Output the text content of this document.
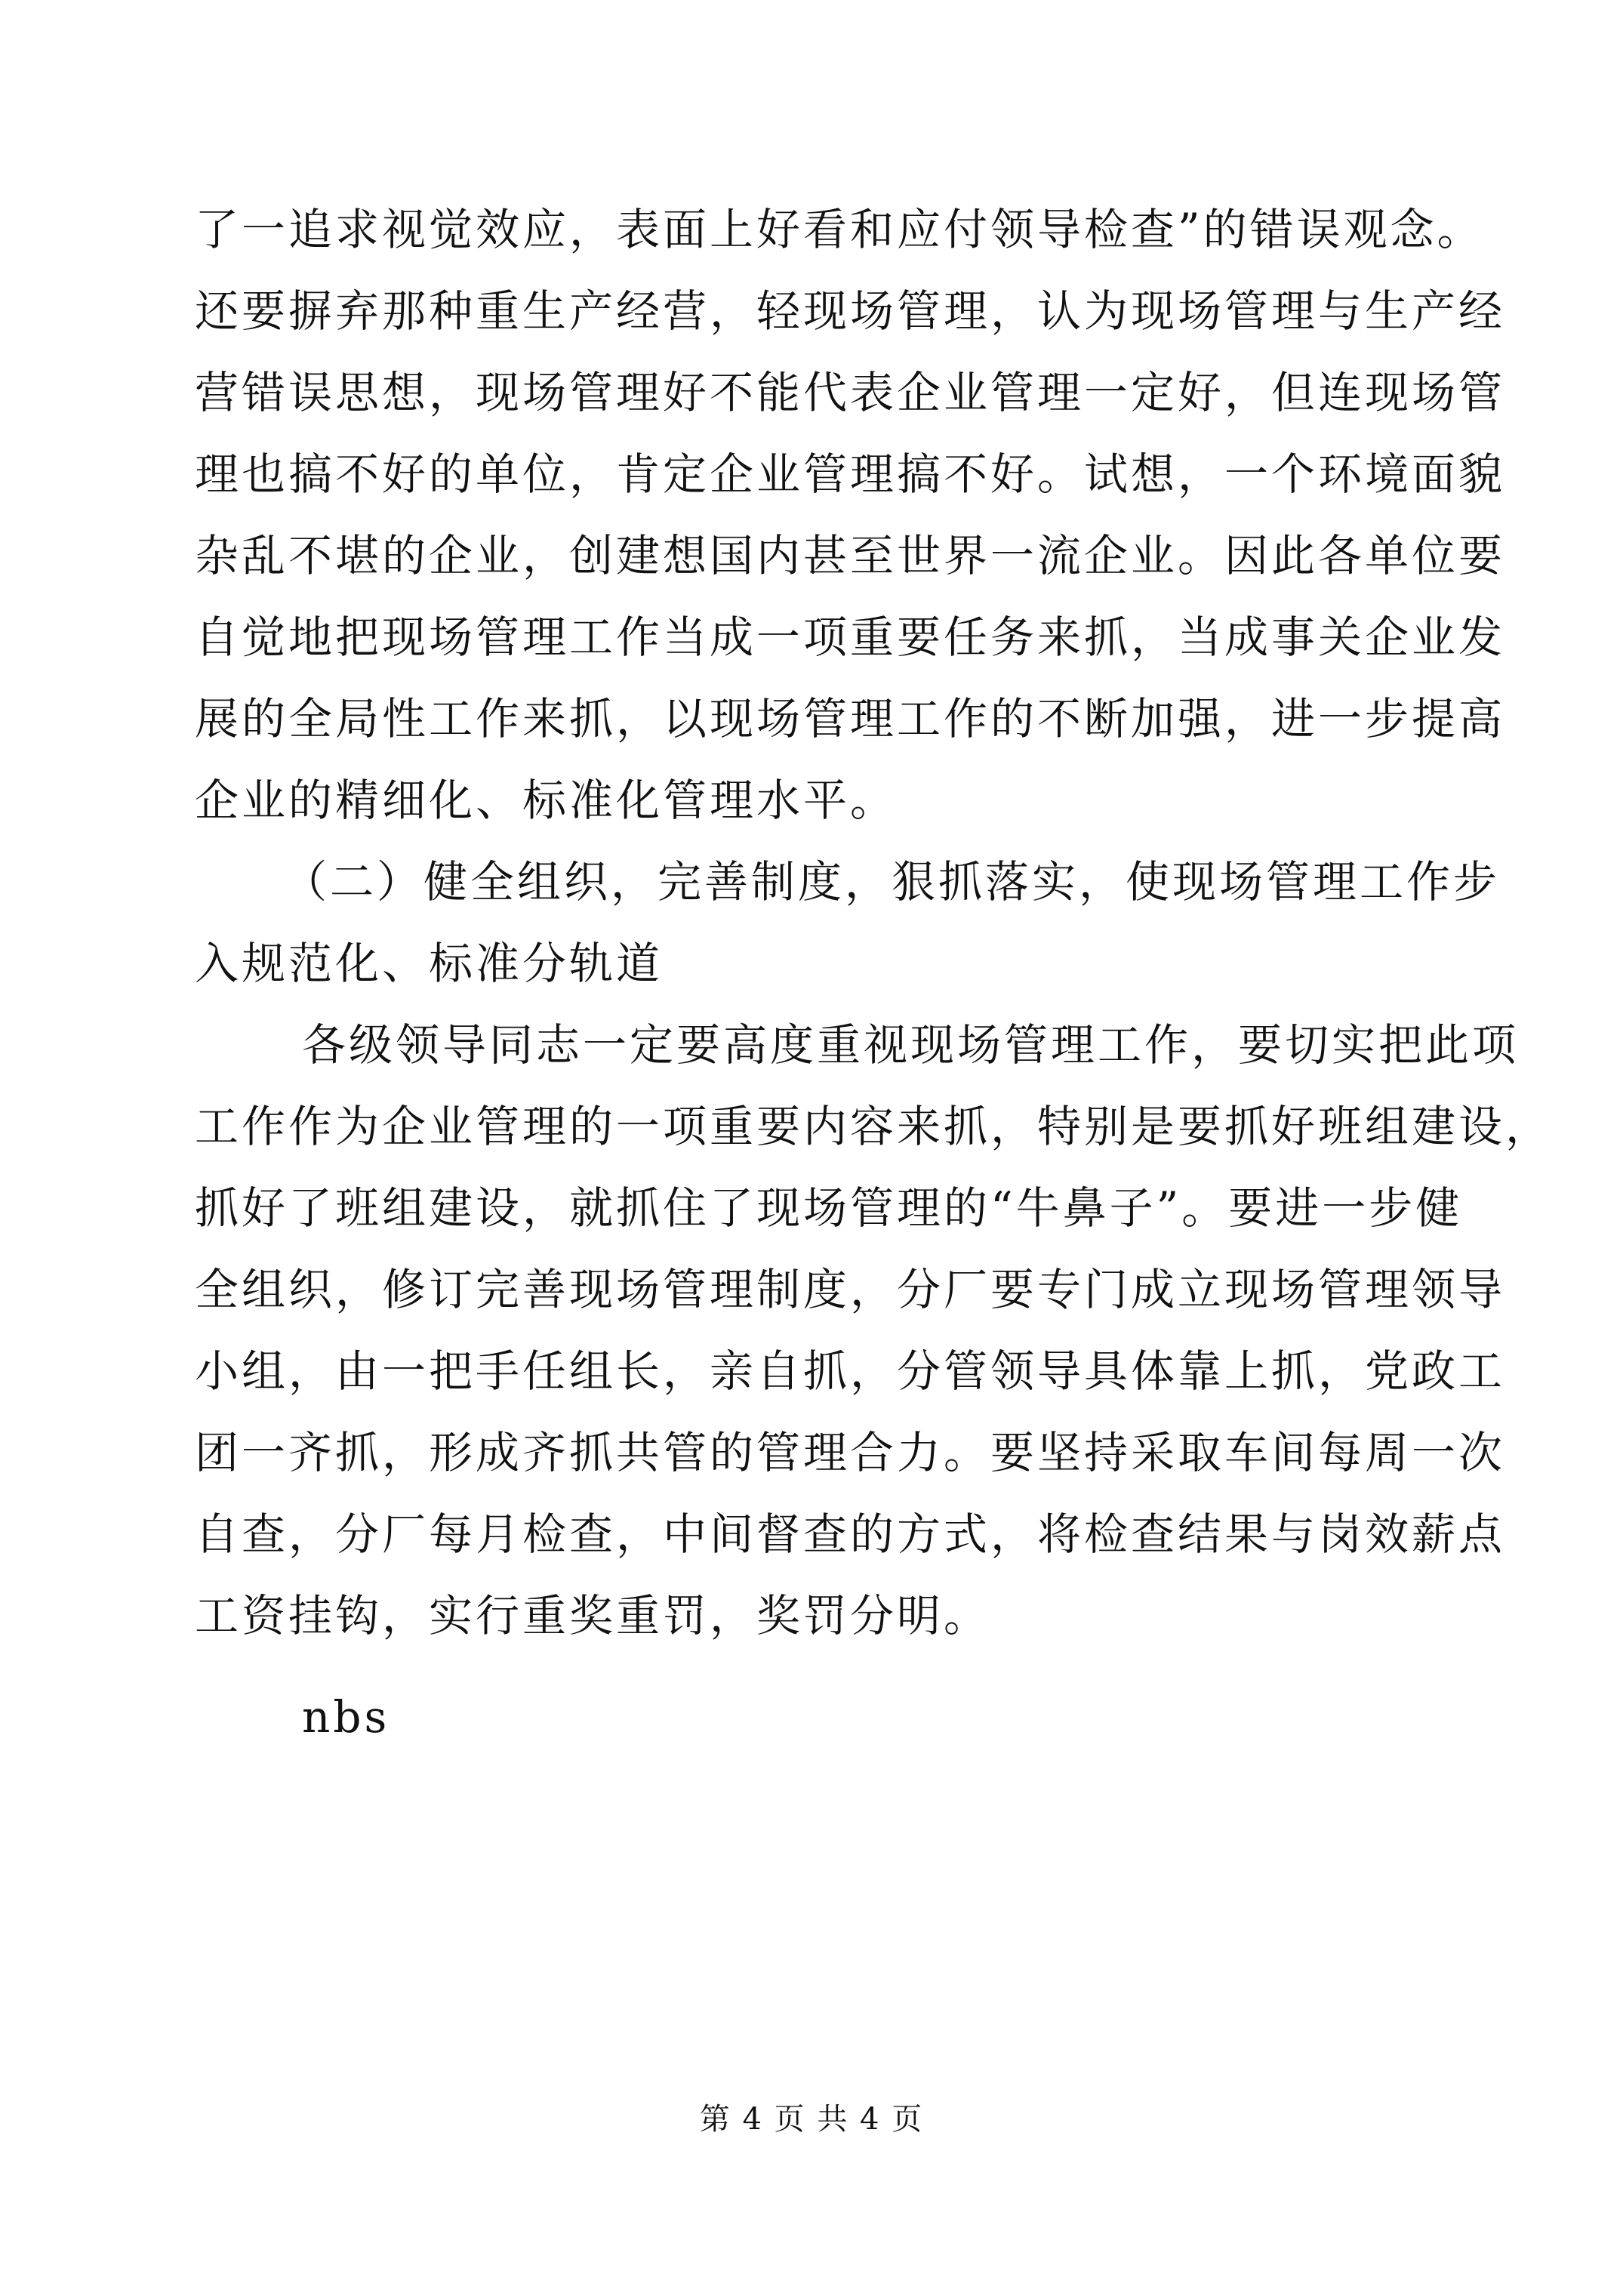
了一追求视觉效应，表面上好看和应付领导检查”的错误观念。
还要摒弃那种重生产经营，轻现场管理，认为现场管理与生产经
营错误思想，现场管理好不能代表企业管理一定好，但连现场管
理也搞不好的单位，肯定企业管理搞不好。试想，一个环境面貌
杂乱不堪的企业，创建想国内甚至世界一流企业。因此各单位要
自觉地把现场管理工作当成一项重要任务来抓，当成事关企业发
展的全局性工作来抓，以现场管理工作的不断加强，进一步提高
企业的精细化、标准化管理水平。
（二）健全组织，完善制度，狠抓落实，使现场管理工作步
入规范化、标准分轨道
各级领导同志一定要高度重视现场管理工作，要切实把此项
工作作为企业管理的一项重要内容来抓，特别是要抓好班组建设，
抓好了班组建设，就抓住了现场管理的“牛鼻子”。要进一步健
全组织，修订完善现场管理制度，分厂要专门成立现场管理领导
小组，由一把手任组长，亲自抓，分管领导具体靠上抓，党政工
团一齐抓，形成齐抓共管的管理合力。要坚持采取车间每周一次
自查，分厂每月检查，中间督查的方式，将检查结果与岗效薪点
工资挂钩，实行重奖重罚，奖罚分明。
nbs
第 4 页 共 4 页
